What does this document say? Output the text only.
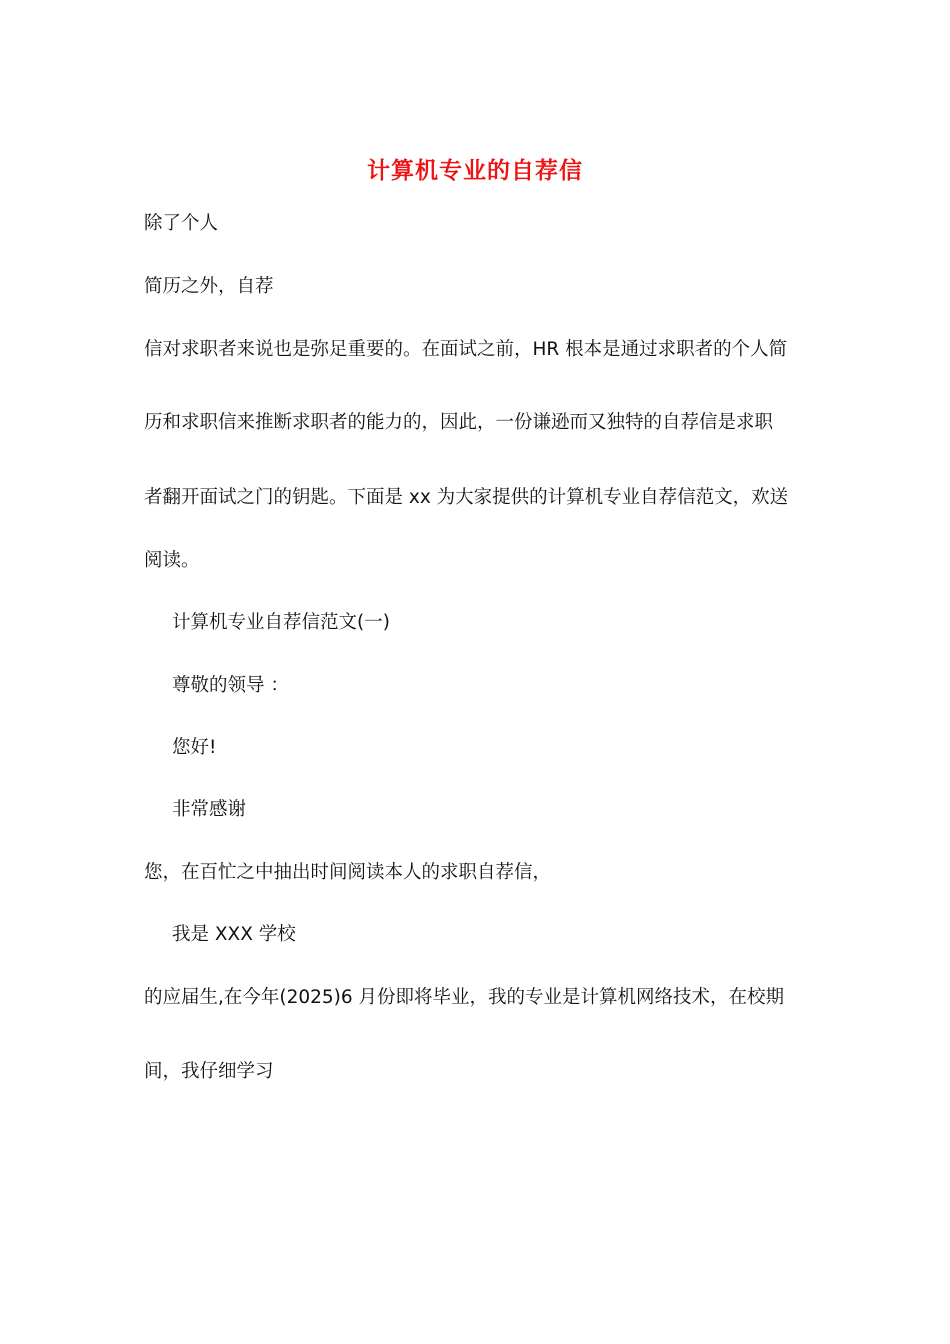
计算机专业的自荐信
除了个人
简历之外，自荐
信对求职者来说也是弥足重要的。在面试之前，HR 根本是通过求职者的个人简
历和求职信来推断求职者的能力的，因此，一份谦逊而又独特的自荐信是求职
者翻开面试之门的钥匙。下面是 xx 为大家提供的计算机专业自荐信范文，欢送
阅读。
计算机专业自荐信范文(一)
尊敬的领导 ：
您好!
非常感谢
您，在百忙之中抽出时间阅读本人的求职自荐信，
我是 XXX 学校
的应届生,在今年(2025)6 月份即将毕业，我的专业是计算机网络技术，在校期
间，我仔细学习
